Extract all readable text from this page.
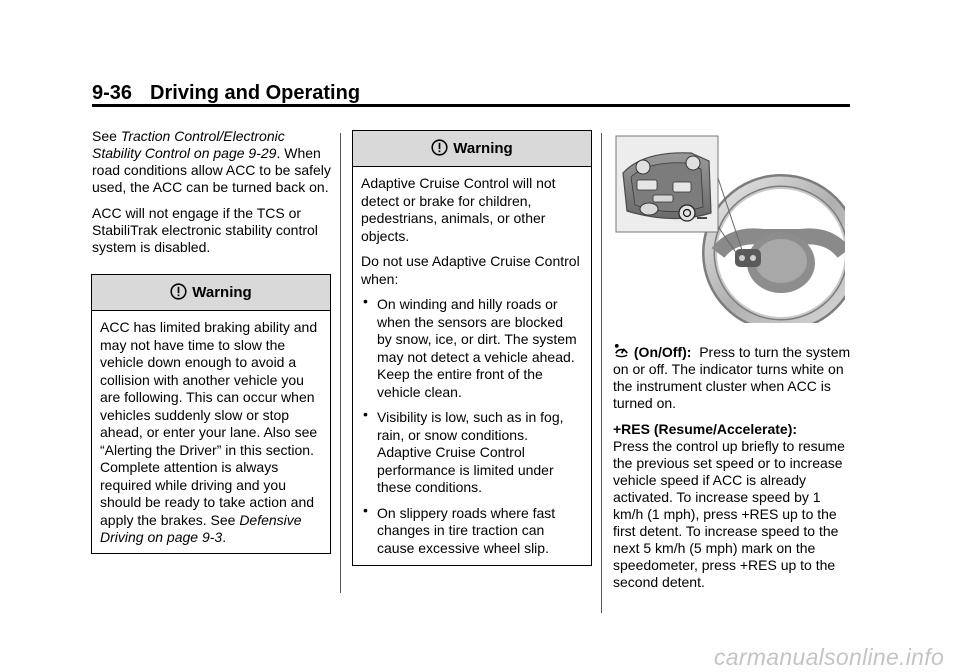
9-36 Driving and Operating

See Traction Control/Electronic Stability Control on page 9-29. When road conditions allow ACC to be safely used, the ACC can be turned back on.

ACC will not engage if the TCS or StabiliTrak electronic stability control system is disabled.

Warning

ACC has limited braking ability and may not have time to slow the vehicle down enough to avoid a collision with another vehicle you are following. This can occur when vehicles suddenly slow or stop ahead, or enter your lane. Also see “Alerting the Driver” in this section. Complete attention is always required while driving and you should be ready to take action and apply the brakes. See Defensive Driving on page 9-3.

Warning

Adaptive Cruise Control will not detect or brake for children, pedestrians, animals, or other objects.

Do not use Adaptive Cruise Control when:

• On winding and hilly roads or when the sensors are blocked by snow, ice, or dirt. The system may not detect a vehicle ahead. Keep the entire front of the vehicle clean.
• Visibility is low, such as in fog, rain, or snow conditions. Adaptive Cruise Control performance is limited under these conditions.
• On slippery roads where fast changes in tire traction can cause excessive wheel slip.

(On/Off): Press to turn the system on or off. The indicator turns white on the instrument cluster when ACC is turned on.

+RES (Resume/Accelerate):
Press the control up briefly to resume the previous set speed or to increase vehicle speed if ACC is already activated. To increase speed by 1 km/h (1 mph), press +RES up to the first detent. To increase speed to the next 5 km/h (5 mph) mark on the speedometer, press +RES up to the second detent.

carmanualsonline.info
